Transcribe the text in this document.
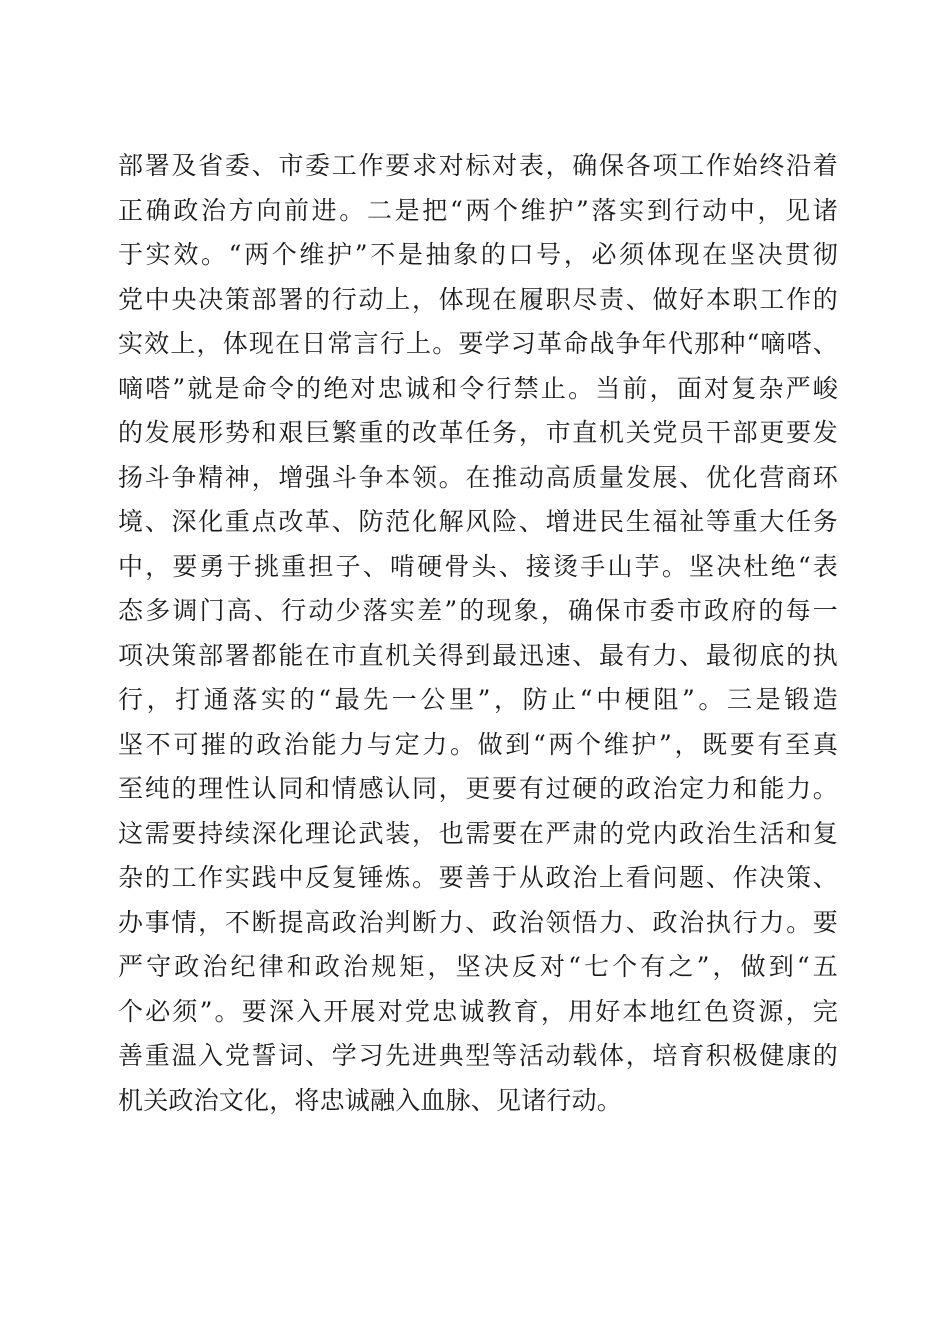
部署及省委、市委工作要求对标对表，确保各项工作始终沿着
正确政治方向前进。二是把“两个维护”落实到行动中，见诸
于实效。“两个维护”不是抽象的口号，必须体现在坚决贯彻
党中央决策部署的行动上，体现在履职尽责、做好本职工作的
实效上，体现在日常言行上。要学习革命战争年代那种“嘀嗒、
嘀嗒”就是命令的绝对忠诚和令行禁止。当前，面对复杂严峻
的发展形势和艰巨繁重的改革任务，市直机关党员干部更要发
扬斗争精神，增强斗争本领。在推动高质量发展、优化营商环
境、深化重点改革、防范化解风险、增进民生福祉等重大任务
中，要勇于挑重担子、啃硬骨头、接烫手山芋。坚决杜绝“表
态多调门高、行动少落实差”的现象，确保市委市政府的每一
项决策部署都能在市直机关得到最迅速、最有力、最彻底的执
行，打通落实的“最先一公里”，防止“中梗阻”。三是锻造
坚不可摧的政治能力与定力。做到“两个维护”，既要有至真
至纯的理性认同和情感认同，更要有过硬的政治定力和能力。
这需要持续深化理论武装，也需要在严肃的党内政治生活和复
杂的工作实践中反复锤炼。要善于从政治上看问题、作决策、
办事情，不断提高政治判断力、政治领悟力、政治执行力。要
严守政治纪律和政治规矩，坚决反对“七个有之”，做到“五
个必须”。要深入开展对党忠诚教育，用好本地红色资源，完
善重温入党誓词、学习先进典型等活动载体，培育积极健康的
机关政治文化，将忠诚融入血脉、见诸行动。
